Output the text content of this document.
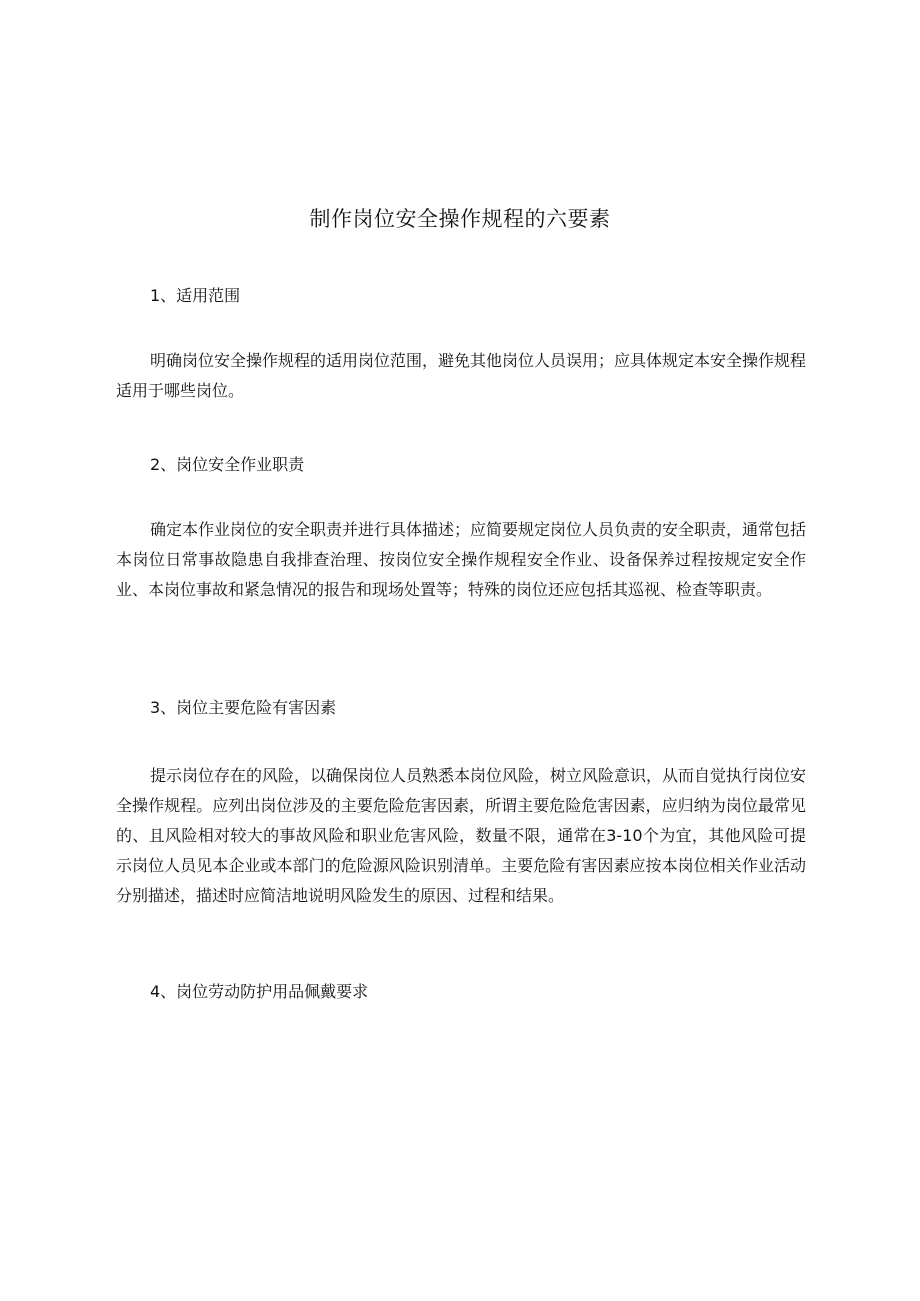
制作岗位安全操作规程的六要素

1、适用范围

明确岗位安全操作规程的适用岗位范围，避免其他岗位人员误用；应具体规定本安全操作规程适用于哪些岗位。

2、岗位安全作业职责

确定本作业岗位的安全职责并进行具体描述；应简要规定岗位人员负责的安全职责，通常包括本岗位日常事故隐患自我排查治理、按岗位安全操作规程安全作业、设备保养过程按规定安全作业、本岗位事故和紧急情况的报告和现场处置等；特殊的岗位还应包括其巡视、检查等职责。

3、岗位主要危险有害因素

提示岗位存在的风险，以确保岗位人员熟悉本岗位风险，树立风险意识，从而自觉执行岗位安全操作规程。应列出岗位涉及的主要危险危害因素，所谓主要危险危害因素，应归纳为岗位最常见的、且风险相对较大的事故风险和职业危害风险，数量不限，通常在3-10个为宜，其他风险可提示岗位人员见本企业或本部门的危险源风险识别清单。主要危险有害因素应按本岗位相关作业活动分别描述，描述时应简洁地说明风险发生的原因、过程和结果。

4、岗位劳动防护用品佩戴要求
